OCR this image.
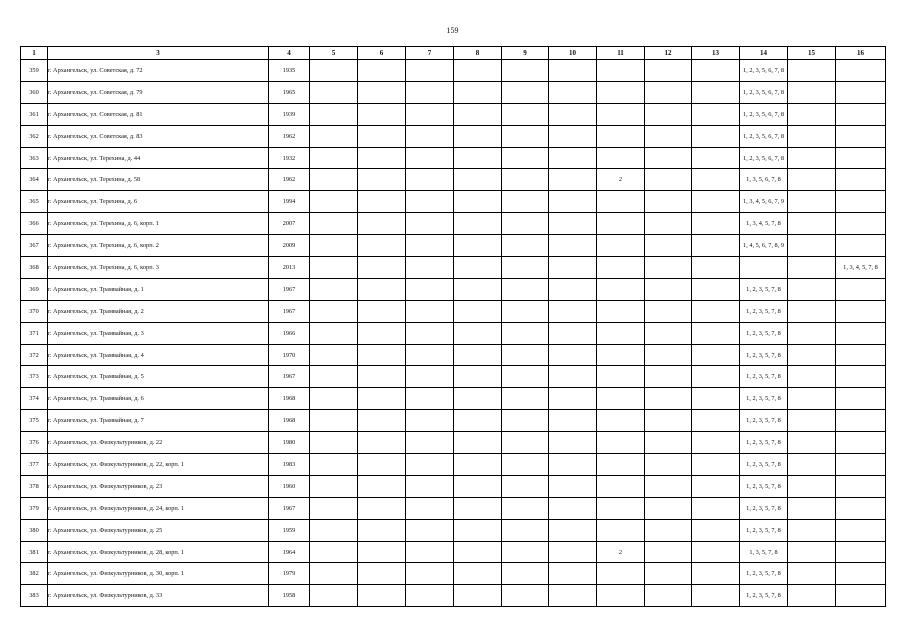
159
1	3	4	5	6	7	8	9	10	11	12	13	14	15	16
359	г. Архангельск, ул. Советская, д. 72	1935										1, 2, 3, 5, 6, 7, 8		
360	г. Архангельск, ул. Советская, д. 79	1965										1, 2, 3, 5, 6, 7, 8		
361	г. Архангельск, ул. Советская, д. 81	1939										1, 2, 3, 5, 6, 7, 8		
362	г. Архангельск, ул. Советская, д. 83	1962										1, 2, 3, 5, 6, 7, 8		
363	г. Архангельск, ул. Терехина, д. 44	1932										1, 2, 3, 5, 6, 7, 8		
364	г. Архангельск, ул. Терехина, д. 58	1962							2			1, 3, 5, 6, 7, 8		
365	г. Архангельск, ул. Терехина, д. 6	1994										1, 3, 4, 5, 6, 7, 9		
366	г. Архангельск, ул. Терехина, д. 6, корп. 1	2007										1, 3, 4, 5, 7, 8		
367	г. Архангельск, ул. Терехина, д. 6, корп. 2	2009										1, 4, 5, 6, 7, 8, 9		
368	г. Архангельск, ул. Терехина, д. 6, корп. 3	2013												1, 3, 4, 5, 7, 8
369	г. Архангельск, ул. Трамвайная, д. 1	1967										1, 2, 3, 5, 7, 8		
370	г. Архангельск, ул. Трамвайная, д. 2	1967										1, 2, 3, 5, 7, 8		
371	г. Архангельск, ул. Трамвайная, д. 3	1966										1, 2, 3, 5, 7, 8		
372	г. Архангельск, ул. Трамвайная, д. 4	1970										1, 2, 3, 5, 7, 8		
373	г. Архангельск, ул. Трамвайная, д. 5	1967										1, 2, 3, 5, 7, 8		
374	г. Архангельск, ул. Трамвайная, д. 6	1968										1, 2, 3, 5, 7, 8		
375	г. Архангельск, ул. Трамвайная, д. 7	1968										1, 2, 3, 5, 7, 8		
376	г. Архангельск, ул. Физкультурников, д. 22	1980										1, 2, 3, 5, 7, 8		
377	г. Архангельск, ул. Физкультурников, д. 22, корп. 1	1983										1, 2, 3, 5, 7, 8		
378	г. Архангельск, ул. Физкультурников, д. 23	1960										1, 2, 3, 5, 7, 8		
379	г. Архангельск, ул. Физкультурников, д. 24, корп. 1	1967										1, 2, 3, 5, 7, 8		
380	г. Архангельск, ул. Физкультурников, д. 25	1959										1, 2, 3, 5, 7, 8		
381	г. Архангельск, ул. Физкультурников, д. 28, корп. 1	1964							2			1, 3, 5, 7, 8		
382	г. Архангельск, ул. Физкультурников, д. 30, корп. 1	1979										1, 2, 3, 5, 7, 8		
383	г. Архангельск, ул. Физкультурников, д. 33	1958										1, 2, 3, 5, 7, 8		
